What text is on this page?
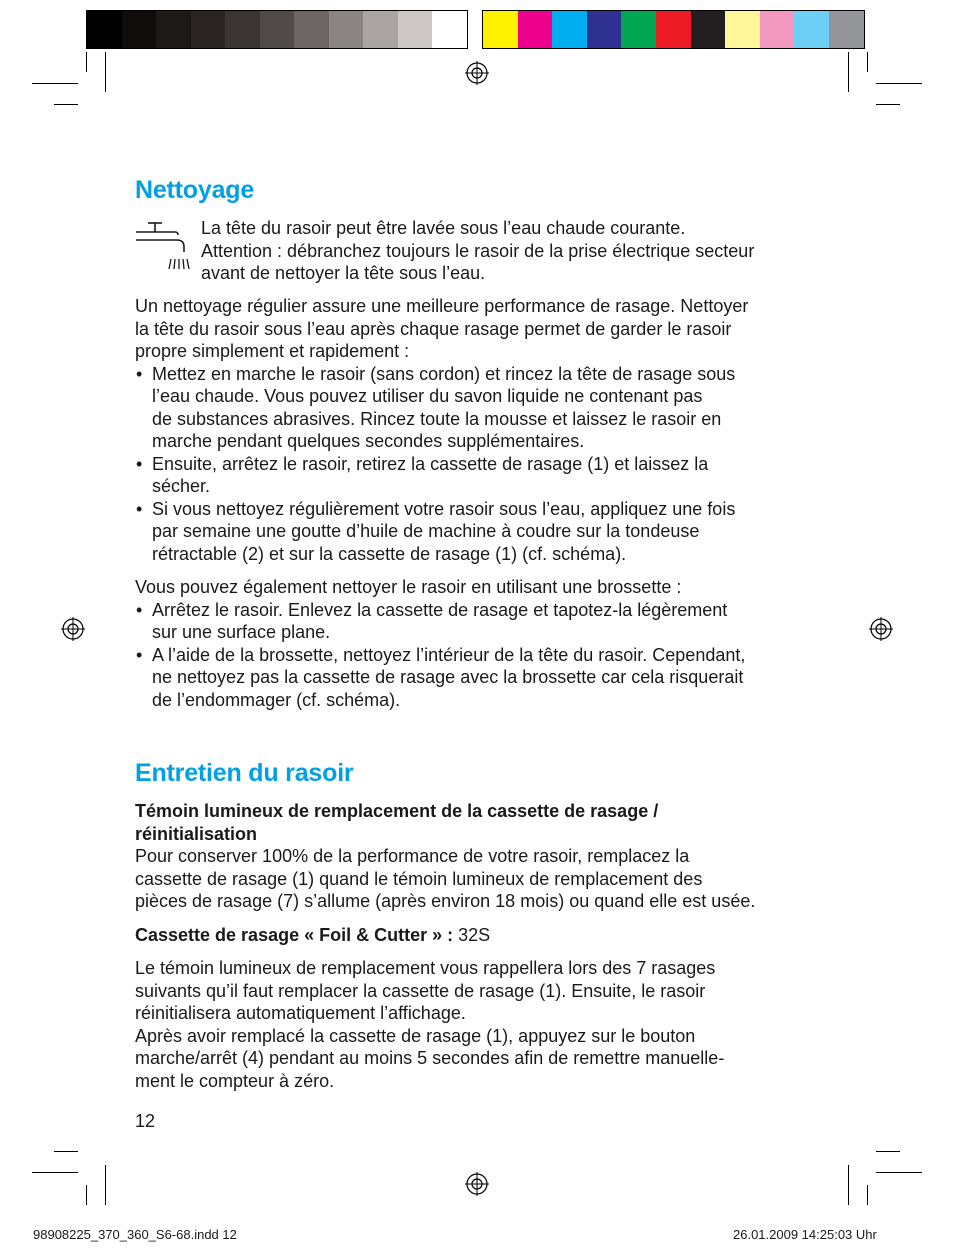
Nettoyage

La tête du rasoir peut être lavée sous l’eau chaude courante.

Attention : débranchez toujours le rasoir de la prise électrique secteur

avant de nettoyer la tête sous l’eau.

Un nettoyage régulier assure une meilleure performance de rasage. Nettoyer

la tête du rasoir sous l’eau après chaque rasage permet de garder le rasoir

propre simplement et rapidement :

• Mettez en marche le rasoir (sans cordon) et rincez la tête de rasage sous

l’eau chaude. Vous pouvez utiliser du savon liquide ne contenant pas

de substances abrasives. Rincez toute la mousse et laissez le rasoir en

marche pendant quelques secondes supplémentaires.

• Ensuite, arrêtez le rasoir, retirez la cassette de rasage (1) et laissez la

sécher.

• Si vous nettoyez régulièrement votre rasoir sous l’eau, appliquez une fois

par semaine une goutte d’huile de machine à coudre sur la tondeuse

rétractable (2) et sur la cassette de rasage (1) (cf. schéma).

Vous pouvez également nettoyer le rasoir en utilisant une brossette :

• Arrêtez le rasoir. Enlevez la cassette de rasage et tapotez-la légèrement

sur une surface plane.

• A l’aide de la brossette, nettoyez l’intérieur de la tête du rasoir. Cependant,

ne nettoyez pas la cassette de rasage avec la brossette car cela risquerait

de l’endommager (cf. schéma).

Entretien du rasoir

Témoin lumineux de remplacement de la cassette de rasage /

réinitialisation

Pour conserver 100% de la performance de votre rasoir, remplacez la

cassette de rasage (1) quand le témoin lumineux de remplacement des

pièces de rasage (7) s’allume (après environ 18 mois) ou quand elle est usée.

Cassette de rasage « Foil & Cutter » : 32S

Le témoin lumineux de remplacement vous rappellera lors des 7 rasages

suivants qu’il faut remplacer la cassette de rasage (1). Ensuite, le rasoir

réinitialisera automatiquement l’affichage.

Après avoir remplacé la cassette de rasage (1), appuyez sur le bouton

marche/arrêt (4) pendant au moins 5 secondes afin de remettre manuelle-

ment le compteur à zéro.

12
98908225_370_360_S6-68.indd 12	26.01.2009 14:25:03 Uhr
